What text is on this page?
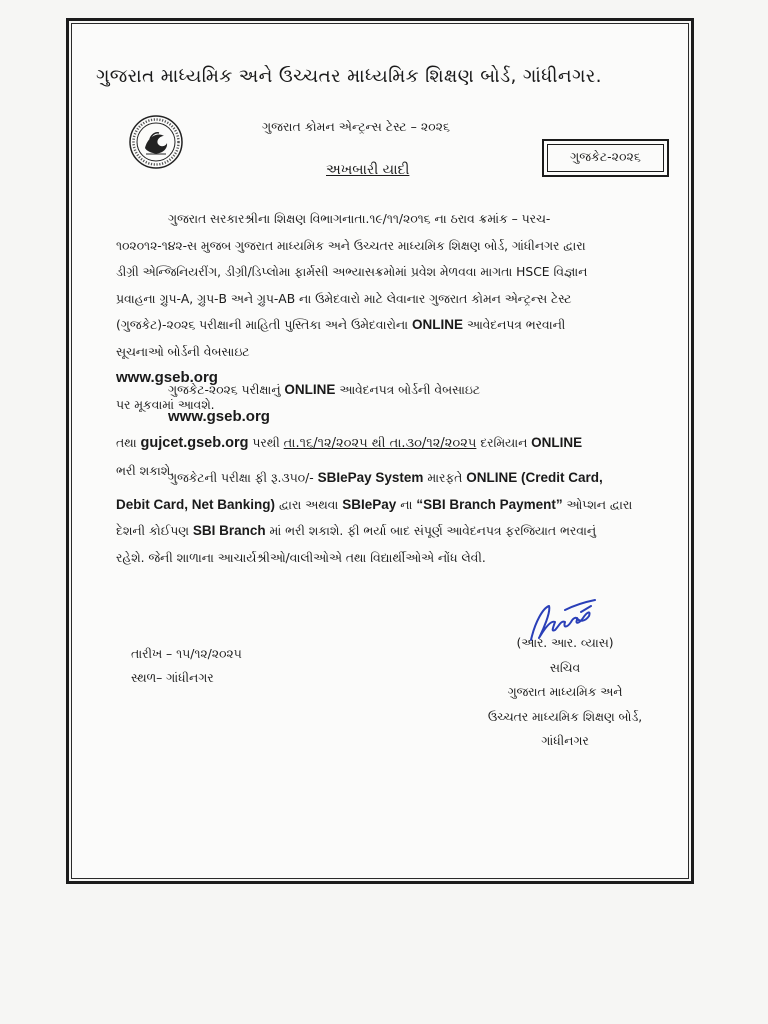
ગુજરાત માધ્યમિક અને ઉચ્ચતર માધ્યમિક શિક્ષણ બોર્ડ, ગાંધીનગર.
ગુજરાત કોમન એન્ટ્રન્સ ટેસ્ટ – ૨૦૨૬
ગુજકેટ-૨૦૨૬
અખબારી યાદી
ગુજરાત સરકારશ્રીના શિક્ષણ વિભાગનાતા.૧૯/૧૧/૨૦૧૬ ના ઠરાવ ક્રમાંક – પરચ-
૧૦૨૦૧૨-૧૪૨-સ મુજબ ગુજરાત માધ્યમિક અને ઉચ્ચતર માધ્યમિક શિક્ષણ બોર્ડ, ગાંધીનગર દ્વારા
ડીગ્રી એન્જિનિયરીંગ, ડીગ્રી/ડિપ્લોમા ફાર્મસી અભ્યાસક્રમોમાં પ્રવેશ મેળવવા માગતા HSCE વિજ્ઞાન
પ્રવાહના ગ્રુપ-A, ગ્રુપ-B અને ગ્રુપ-AB ના ઉમેદવારો માટે લેવાનાર ગુજરાત કોમન એન્ટ્રન્સ ટેસ્ટ
(ગુજકેટ)-૨૦૨૬ પરીક્ષાની માહિતી પુસ્તિકા અને ઉમેદવારોના ONLINE આવેદનપત્ર ભરવાની
સૂચનાઓ બોર્ડની વેબસાઇટ
www.gseb.org
પર મૂકવામાં આવશે.
ગુજકેટ-૨૦૨૬ પરીક્ષાનું ONLINE આવેદનપત્ર બોર્ડની વેબસાઇટ
www.gseb.org
તથા gujcet.gseb.org પરથી તા.૧૬/૧૨/૨૦૨૫ થી તા.૩૦/૧૨/૨૦૨૫ દરમિયાન ONLINE
ભરી શકાશે.
ગુજકેટની પરીક્ષા ફી રૂ.૩૫૦/- SBIePay System મારફતે ONLINE (Credit Card,
Debit Card, Net Banking) દ્વારા અથવા SBIePay ના “SBI Branch Payment” ઓપ્શન દ્વારા
દેશની કોઈપણ SBI Branch માં ભરી શકાશે. ફી ભર્યા બાદ સંપૂર્ણ આવેદનપત્ર ફરજિયાત ભરવાનું
રહેશે. જેની શાળાના આચાર્યશ્રીઓ/વાલીઓએ તથા વિદ્યાર્થીઓએ નોંધ લેવી.
તારીખ – ૧૫/૧૨/૨૦૨૫
સ્થળ– ગાંધીનગર
(આર. આર. વ્યાસ)
સચિવ
ગુજરાત માધ્યમિક અને
ઉચ્ચતર માધ્યમિક શિક્ષણ બોર્ડ,
ગાંધીનગર
